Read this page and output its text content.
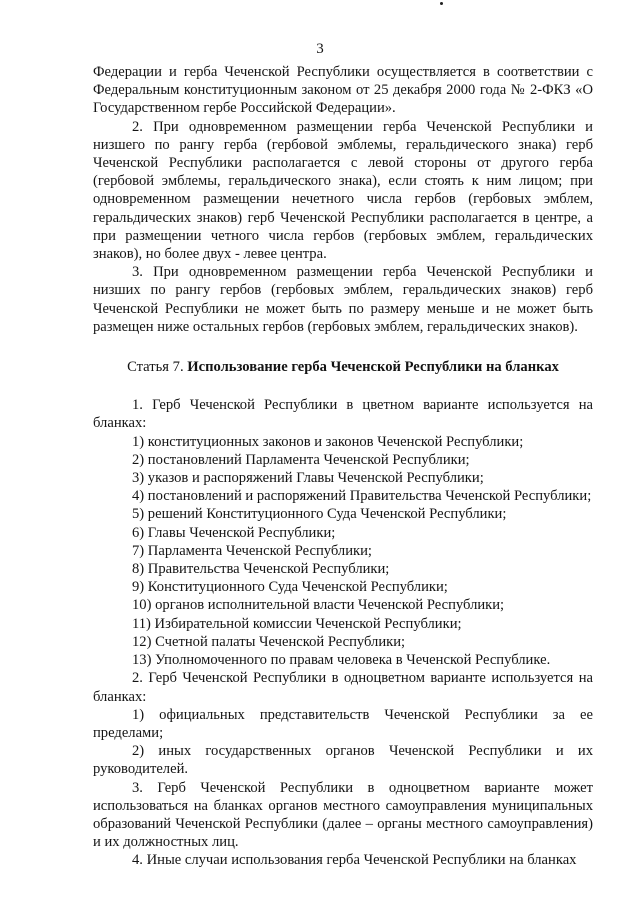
3

Федерации и герба Чеченской Республики осуществляется в соответствии с Федеральным конституционным законом от 25 декабря 2000 года № 2-ФКЗ «О Государственном гербе Российской Федерации».

2. При одновременном размещении герба Чеченской Республики и низшего по рангу герба (гербовой эмблемы, геральдического знака) герб Чеченской Республики располагается с левой стороны от другого герба (гербовой эмблемы, геральдического знака), если стоять к ним лицом; при одновременном размещении нечетного числа гербов (гербовых эмблем, геральдических знаков) герб Чеченской Республики располагается в центре, а при размещении четного числа гербов (гербовых эмблем, геральдических знаков), но более двух - левее центра.

3. При одновременном размещении герба Чеченской Республики и низших по рангу гербов (гербовых эмблем, геральдических знаков) герб Чеченской Республики не может быть по размеру меньше и не может быть размещен ниже остальных гербов (гербовых эмблем, геральдических знаков).

Статья 7. Использование герба Чеченской Республики на бланках

1. Герб Чеченской Республики в цветном варианте используется на бланках:

1) конституционных законов и законов Чеченской Республики;

2) постановлений Парламента Чеченской Республики;

3) указов и распоряжений Главы Чеченской Республики;

4) постановлений и распоряжений Правительства Чеченской Республики;

5) решений Конституционного Суда Чеченской Республики;

6) Главы Чеченской Республики;

7) Парламента Чеченской Республики;

8) Правительства Чеченской Республики;

9) Конституционного Суда Чеченской Республики;

10) органов исполнительной власти Чеченской Республики;

11) Избирательной комиссии Чеченской Республики;

12) Счетной палаты Чеченской Республики;

13) Уполномоченного по правам человека в Чеченской Республике.

2. Герб Чеченской Республики в одноцветном варианте используется на бланках:

1) официальных представительств Чеченской Республики за ее пределами;

2) иных государственных органов Чеченской Республики и их руководителей.

3. Герб Чеченской Республики в одноцветном варианте может использоваться на бланках органов местного самоуправления муниципальных образований Чеченской Республики (далее – органы местного самоуправления) и их должностных лиц.

4. Иные случаи использования герба Чеченской Республики на бланках
